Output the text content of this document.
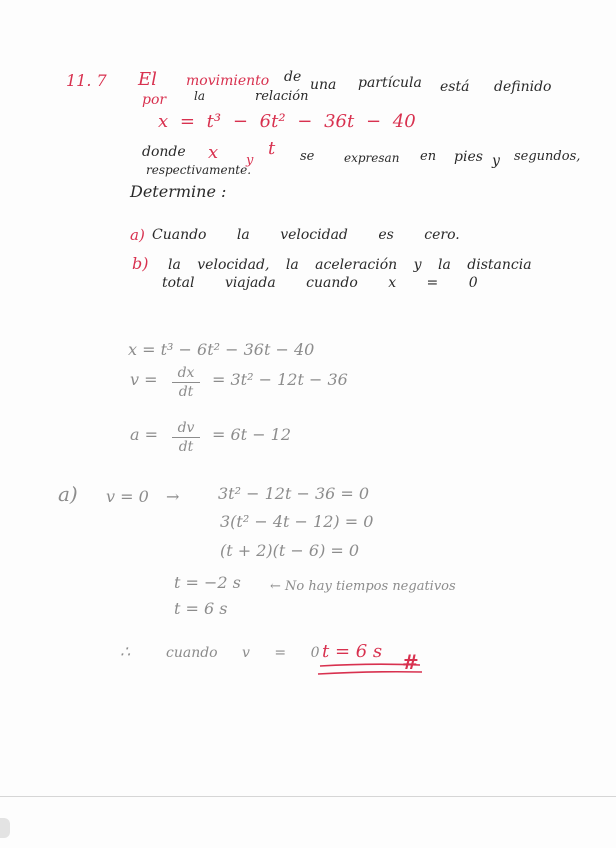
11. 7 El movimiento de una partícula está definido
por la	relación
x = t³ − 6t² − 36t − 40
donde x y
t se expresan en pies y segundos,
respectivamente.
Determine :
a) Cuando la velocidad es cero.
b) la velocidad, la aceleración y la distancia
total viajada cuando x = 0
x = t³ − 6t² − 36t − 40
v = dx
dt
= 3t² − 12t − 36
a = dv
dt
= 6t − 12
a) v = 0 → 3t² − 12t − 36 = 0
3(t² − 4t − 12) = 0
(t + 2)(t − 6) = 0
t = −2 s ← No hay tiempos negativos
t = 6 s
∴	cuando v = 0 t = 6 s #
